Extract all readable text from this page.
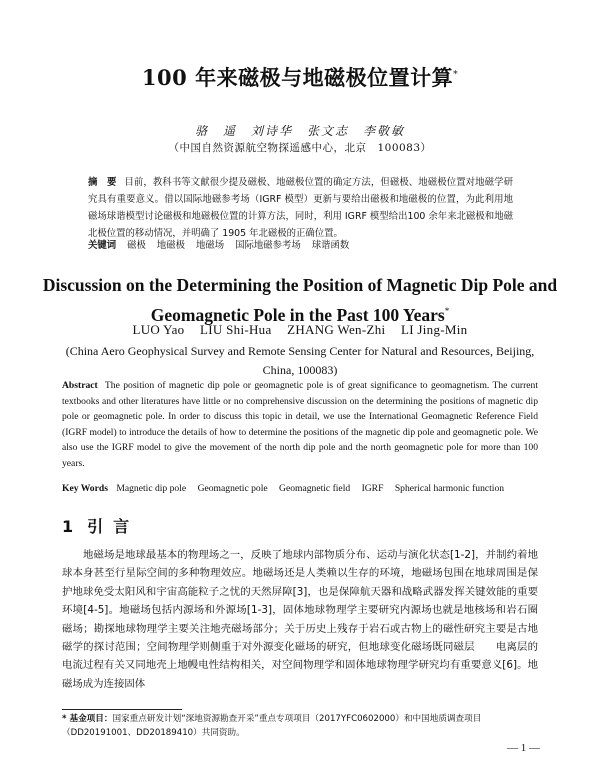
100 年来磁极与地磁极位置计算*
骆　遥　刘诗华　张文志　李敬敏
（中国自然资源航空物探遥感中心，北京　100083）
摘　要 目前，教科书等文献很少提及磁极、地磁极位置的确定方法，但磁极、地磁极位置对地磁学研究具有重要意义。借以国际地磁参考场（IGRF 模型）更新与要给出磁极和地磁极的位置，为此利用地磁场球谐模型讨论磁极和地磁极位置的计算方法，同时，利用 IGRF 模型给出100 余年来北磁极和地磁北极位置的移动情况，并明确了 1905 年北磁极的正确位置。
关键词 磁极 地磁极 地磁场 国际地磁参考场 球谐函数
Discussion on the Determining the Position of Magnetic Dip Pole and Geomagnetic Pole in the Past 100 Years*
LUO Yao LIU Shi-Hua ZHANG Wen-Zhi LI Jing-Min
(China Aero Geophysical Survey and Remote Sensing Center for Natural and Resources, Beijing, China, 100083)
Abstract The position of magnetic dip pole or geomagnetic pole is of great significance to geomagnetism. The current textbooks and other literatures have little or no comprehensive discussion on the determining the positions of magnetic dip pole or geomagnetic pole. In order to discuss this topic in detail, we use the International Geomagnetic Reference Field (IGRF model) to introduce the details of how to determine the positions of the magnetic dip pole and geomagnetic pole. We also use the IGRF model to give the movement of the north dip pole and the north geomagnetic pole for more than 100 years.
Key Words Magnetic dip pole Geomagnetic pole Geomagnetic field IGRF Spherical harmonic function
1 引言

地磁场是地球最基本的物理场之一，反映了地球内部物质分布、运动与演化状态[1-2]，并制约着地球本身甚至行星际空间的多种物理效应。地磁场还是人类赖以生存的环境，地磁场包围在地球周围是保护地球免受太阳风和宇宙高能粒子之忧的天然屏障[3]，也是保障航天器和战略武器发挥关键效能的重要环境[4-5]。地磁场包括内源场和外源场[1-3]，固体地球物理学主要研究内源场也就是地核场和岩石圈磁场；勘探地球物理学主要关注地壳磁场部分；关于历史上残存于岩石或古物上的磁性研究主要是古地磁学的探讨范围；空间物理学则侧重于对外源变化磁场的研究，但地球变化磁场既同磁层　　电离层的电流过程有关又同地壳上地幔电性结构相关，对空间物理学和固体地球物理学研究均有重要意义[6]。地磁场成为连接固体

* 基金项目：国家重点研发计划“深地资源勘查开采”重点专项项目（2017YFC0602000）和中国地质调查项目（DD20191001、DD20189410）共同资助。
— 1 —
